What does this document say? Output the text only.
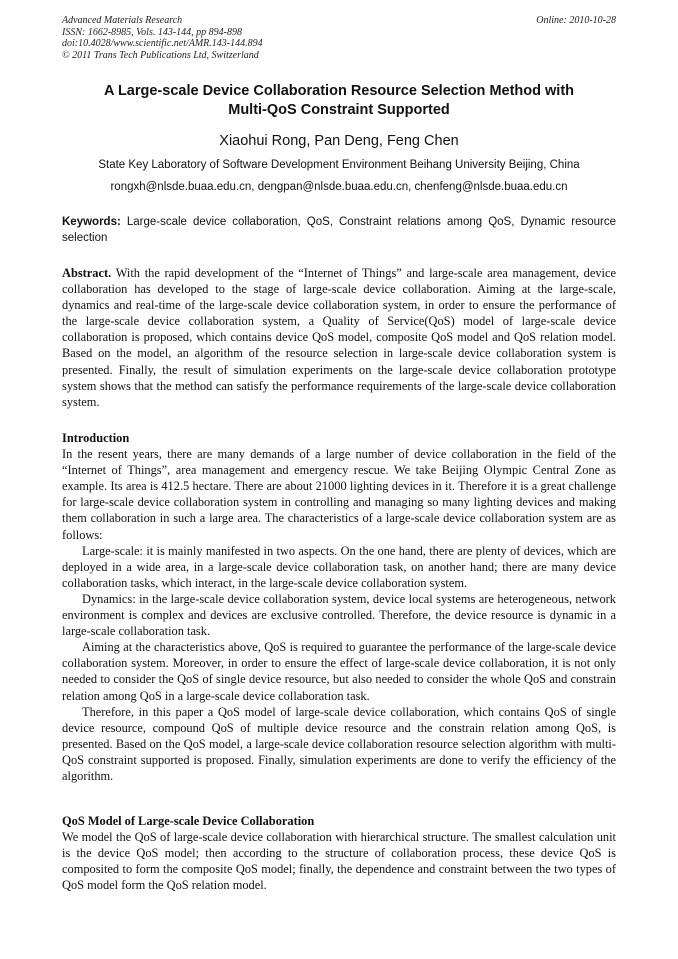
Advanced Materials Research
ISSN: 1662-8985, Vols. 143-144, pp 894-898
doi:10.4028/www.scientific.net/AMR.143-144.894
© 2011 Trans Tech Publications Ltd, Switzerland
Online: 2010-10-28
A Large-scale Device Collaboration Resource Selection Method with
Multi-QoS Constraint Supported
Xiaohui Rong, Pan Deng, Feng Chen
State Key Laboratory of Software Development Environment Beihang University Beijing, China
rongxh@nlsde.buaa.edu.cn, dengpan@nlsde.buaa.edu.cn, chenfeng@nlsde.buaa.edu.cn
Keywords: Large-scale device collaboration, QoS, Constraint relations among QoS, Dynamic resource selection

Abstract. With the rapid development of the “Internet of Things” and large-scale area management, device collaboration has developed to the stage of large-scale device collaboration. Aiming at the large-scale, dynamics and real-time of the large-scale device collaboration system, in order to ensure the performance of the large-scale device collaboration system, a Quality of Service(QoS) model of large-scale device collaboration is proposed, which contains device QoS model, composite QoS model and QoS relation model. Based on the model, an algorithm of the resource selection in large-scale device collaboration system is presented. Finally, the result of simulation experiments on the large-scale device collaboration prototype system shows that the method can satisfy the performance requirements of the large-scale device collaboration system.

Introduction

In the resent years, there are many demands of a large number of device collaboration in the field of the “Internet of Things”, area management and emergency rescue. We take Beijing Olympic Central Zone as example. Its area is 412.5 hectare. There are about 21000 lighting devices in it. Therefore it is a great challenge for large-scale device collaboration system in controlling and managing so many lighting devices and making them collaboration in such a large area. The characteristics of a large-scale device collaboration system are as follows:

Large-scale: it is mainly manifested in two aspects. On the one hand, there are plenty of devices, which are deployed in a wide area, in a large-scale device collaboration task, on another hand; there are many device collaboration tasks, which interact, in the large-scale device collaboration system.

Dynamics: in the large-scale device collaboration system, device local systems are heterogeneous, network environment is complex and devices are exclusive controlled. Therefore, the device resource is dynamic in a large-scale collaboration task.

Aiming at the characteristics above, QoS is required to guarantee the performance of the large-scale device collaboration system. Moreover, in order to ensure the effect of large-scale device collaboration, it is not only needed to consider the QoS of single device resource, but also needed to consider the whole QoS and constrain relation among QoS in a large-scale device collaboration task.

Therefore, in this paper a QoS model of large-scale device collaboration, which contains QoS of single device resource, compound QoS of multiple device resource and the constrain relation among QoS, is presented. Based on the QoS model, a large-scale device collaboration resource selection algorithm with multi-QoS constraint supported is proposed. Finally, simulation experiments are done to verify the efficiency of the algorithm.

QoS Model of Large-scale Device Collaboration

We model the QoS of large-scale device collaboration with hierarchical structure. The smallest calculation unit is the device QoS model; then according to the structure of collaboration process, these device QoS is composited to form the composite QoS model; finally, the dependence and constraint between the two types of QoS model form the QoS relation model.
